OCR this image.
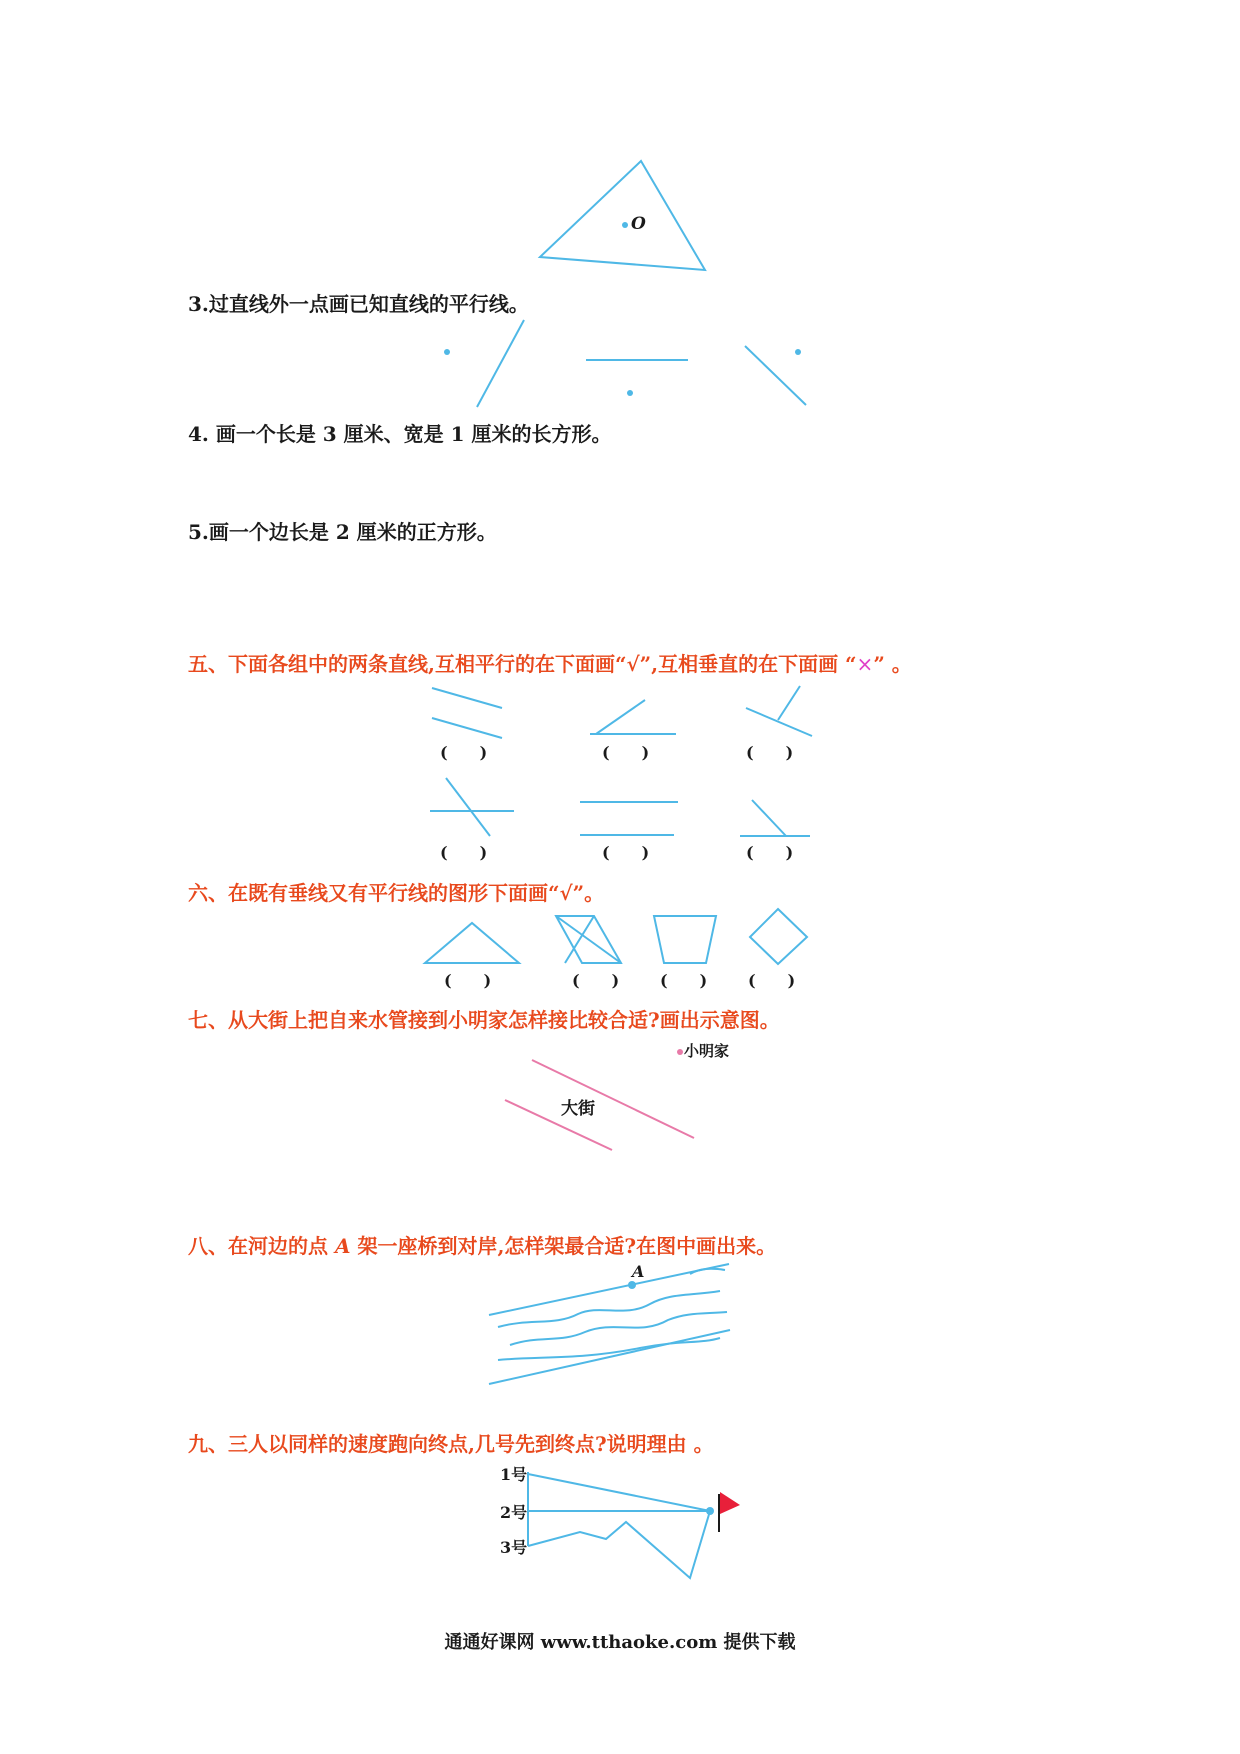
O
3.过直线外一点画已知直线的平行线。
4. 画一个长是 3 厘米、宽是 1 厘米的长方形。
5.画一个边长是 2 厘米的正方形。
五、下面各组中的两条直线,互相平行的在下面画“√”,互相垂直的在下面画 “×” 。
(　　)	(　　)	(　　)
(　　)	(　　)	(　　)
六、在既有垂线又有平行线的图形下面画“√”。
(　　)	(　　)	(　　)	(　　)
七、从大街上把自来水管接到小明家怎样接比较合适?画出示意图。
小明家
大街
八、在河边的点 A 架一座桥到对岸,怎样架最合适?在图中画出来。
A
九、三人以同样的速度跑向终点,几号先到终点?说明理由 。
1号
2号
3号
通通好课网 www.tthaoke.com 提供下载
